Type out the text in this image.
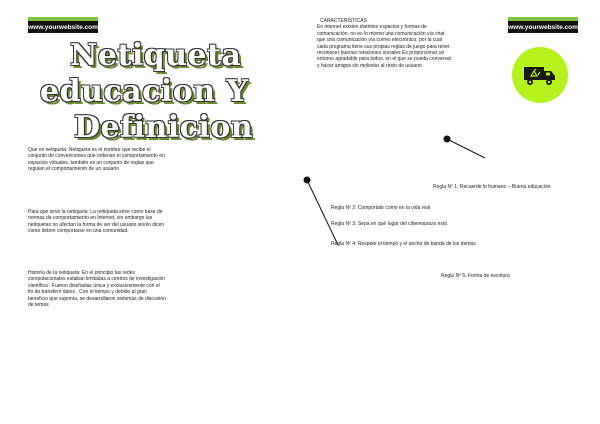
www.yourwebsite.com
Netiqueta
educacion Y
Definicion
Que es netiqueta: Netiqueta es el nombre que recibe el conjunto de convenciones que ordenan el comportamiento en espacios virtuales. también es un conjunto de reglas que regulan el comportamiento de un usuario
Para que sirve la netiqueta: La netiqueta sirve como base de normas de comportamiento en Internet, sin embargo las netiquetas no afectan la forma de ser del usuario sinolo dicen como deben comportarse en una comunidad.
Historia de la netiqueta: En el principio las redes computacionales estaban limitadas a centros de investigación científica . Fueron diseñadas única y exclusivamente con el fin de transferir datos . Con el tiempo y debido al gran beneficio que suponía, se desarrollaron sistemas de discusión de temas
CARACTERÍSTICAS
En internet existen distintos espacios y formas de comunicación, no es lo mismo una comunicación vía chat que una comunicación vía correo electrónico, por la cual cada programa tiene sus propias reglas de juego para tener reconocer buenas relaciones sociales Es proporcionar un entorno agradable para todos, en el que se pueda conversar y hacer amigos sin molestar al resto de usuario
www.yourwebsite.com
Regla Nº 1: Recuerde lo humano – Buena educación
Regla Nº 2: Compórtate como en la vida real
Regla Nº 3: Sepa en qué lugar del ciberespacio está
Regla Nº 4: Respete el tiempo y el ancho de banda de los demás
Regla Nº 5: Forma de escritura
